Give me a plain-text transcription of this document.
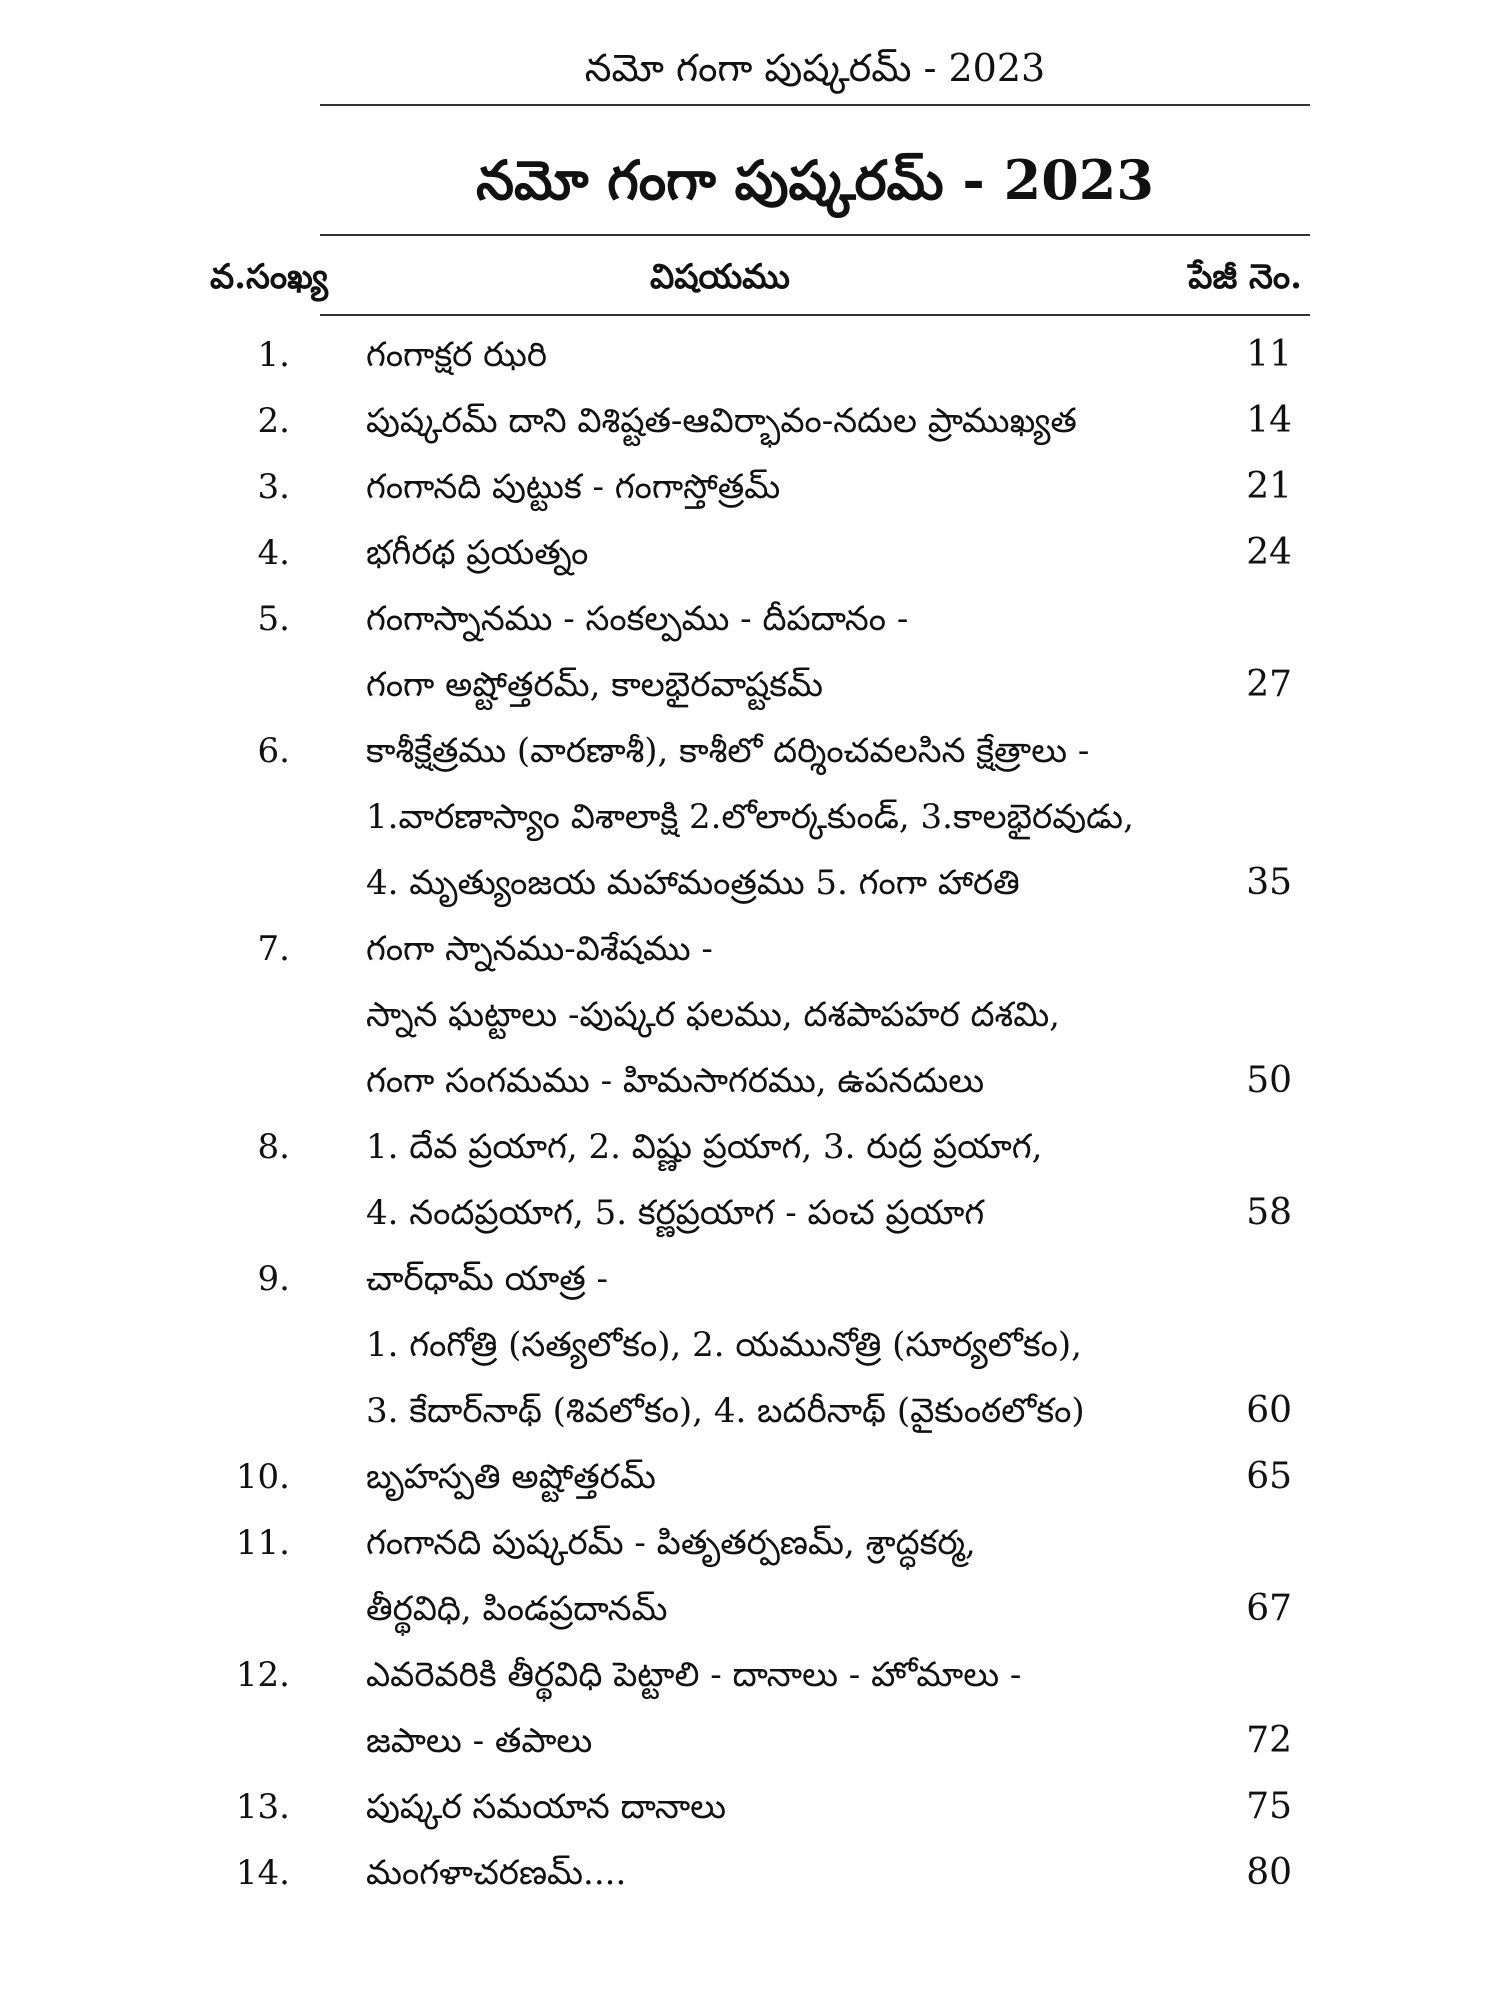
నమో గంగా పుష్కరమ్ - 2023
నమో గంగా పుష్కరమ్ - 2023
వ.సంఖ్య	విషయము	పేజీ నెం.
1. గంగాక్షర ఝరి	11
2. పుష్కరమ్ దాని విశిష్టత-ఆవిర్భావం-నదుల ప్రాముఖ్యత	14
3. గంగానది పుట్టుక - గంగాస్తోత్రమ్	21
4. భగీరథ ప్రయత్నం	24
5. గంగాస్నానము - సంకల్పము - దీపదానం -
గంగా అష్టోత్తరమ్, కాలభైరవాష్టకమ్	27
6. కాశీక్షేత్రము (వారణాశీ), కాశీలో దర్శించవలసిన క్షేత్రాలు -
1.వారణాస్యాం విశాలాక్షి 2.లోలార్కకుండ్, 3.కాలభైరవుడు,
4. మృత్యుంజయ మహామంత్రము 5. గంగా హారతి	35
7. గంగా స్నానము-విశేషము -
స్నాన ఘట్టాలు -పుష్కర ఫలము, దశపాపహర దశమి,
గంగా సంగమము - హిమసాగరము, ఉపనదులు	50
8. 1. దేవ ప్రయాగ, 2. విష్ణు ప్రయాగ, 3. రుద్ర ప్రయాగ,
4. నందప్రయాగ, 5. కర్ణప్రయాగ - పంచ ప్రయాగ	58
9. చార్‌ధామ్ యాత్ర -
1. గంగోత్రి (సత్యలోకం), 2. యమునోత్రి (సూర్యలోకం),
3. కేదార్‌నాథ్ (శివలోకం), 4. బదరీనాథ్ (వైకుంఠలోకం)	60
10. బృహస్పతి అష్టోత్తరమ్	65
11. గంగానది పుష్కరమ్ - పితృతర్పణమ్, శ్రాద్ధకర్మ,
తీర్థవిధి, పిండప్రదానమ్	67
12. ఎవరెవరికి తీర్థవిధి పెట్టాలి - దానాలు - హోమాలు -
జపాలు - తపాలు	72
13. పుష్కర సమయాన దానాలు	75
14. మంగళాచరణమ్....	80
